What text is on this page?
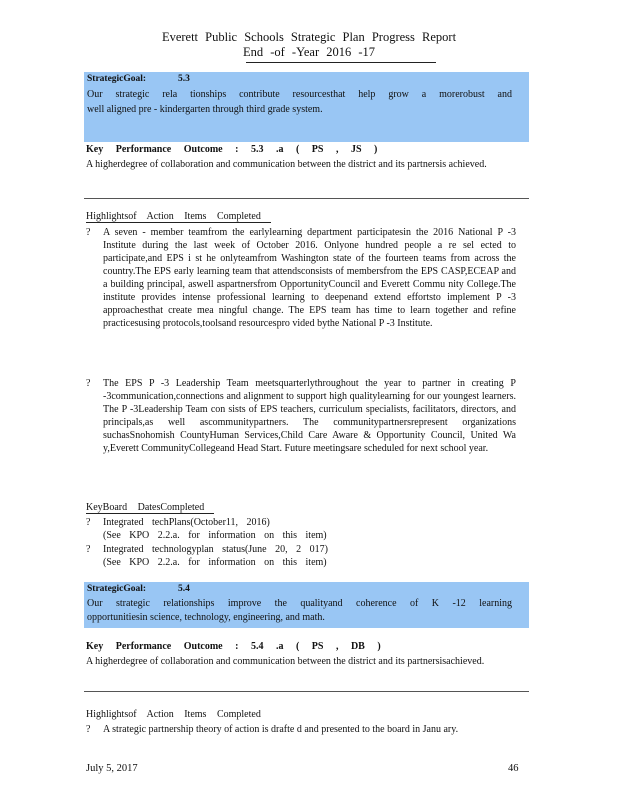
Everett Public Schools Strategic Plan Progress Report
End -of -Year 2016 -17
StrategicGoal:	5.3
Our strategic rela tionships contribute resourcesthat help grow a morerobust and
well aligned pre - kindergarten through third grade system.
Key Performance Outcome : 5.3 .a ( PS , JS )
A higherdegree of collaboration and communication between the district and its partnersis achieved.
Highlightsof Action Items Completed
?	A seven - member teamfrom the earlylearning department participatesin the 2016 National P -3 Institute during the last week of October 2016. Onlyone hundred people a re sel ected to participate,and EPS i st he onlyteamfrom Washington state of the fourteen teams from across the country.The EPS early learning team that attendsconsists of membersfrom the EPS CASP,ECEAP and a building principal, aswell aspartnersfrom OpportunityCouncil and Everett Commu nity College.The institute provides intense professional learning to deepenand extend effortsto implement P -3 approachesthat create mea ningful change. The EPS team has time to learn together and refine practicesusing protocols,toolsand resourcespro vided bythe National P -3 Institute.
?	The EPS P -3 Leadership Team meetsquarterlythroughout the year to partner in creating P -3communication,connections and alignment to support high qualitylearning for our youngest learners. The P -3Leadership Team con sists of EPS teachers, curriculum specialists, facilitators, directors, and principals,as well ascommunitypartners. The communitypartnersrepresent organizations suchasSnohomish CountyHuman Services,Child Care Aware & Opportunity Council, United Wa y,Everett CommunityCollegeand Head Start. Future meetingsare scheduled for next school year.
KeyBoard DatesCompleted
?	Integrated techPlans(October11, 2016)
(See KPO 2.2.a. for information on this item)
?	Integrated technologyplan status(June 20, 2 017)
(See KPO 2.2.a. for information on this item)
StrategicGoal:	5.4
Our strategic relationships improve the qualityand coherence of K -12 learning
opportunitiesin science, technology, engineering, and math.
Key Performance Outcome : 5.4 .a ( PS , DB )
A higherdegree of collaboration and communication between the district and its partnersisachieved.
Highlightsof Action Items Completed
?	A strategic partnership theory of action is drafte d and presented to the board in Janu ary.
July 5, 2017	46
